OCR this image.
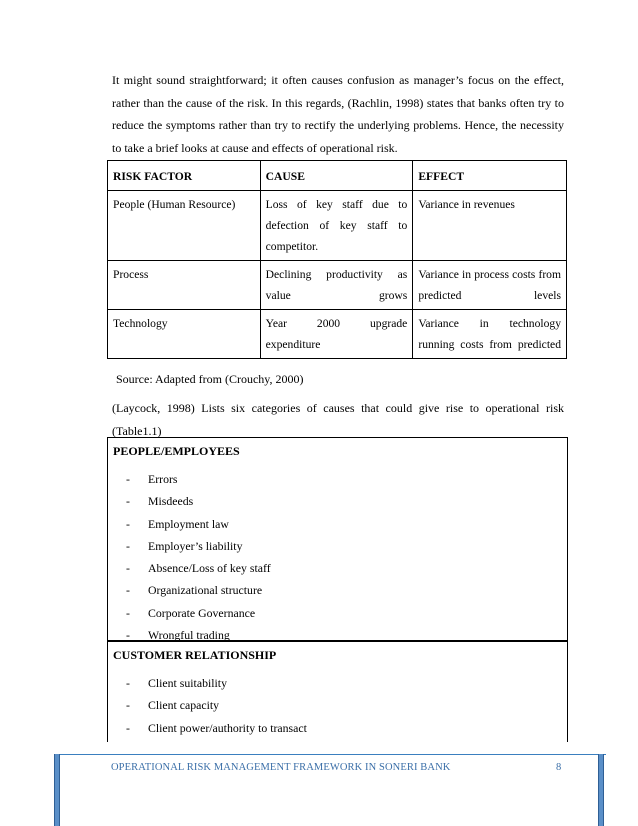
It might sound straightforward; it often causes confusion as manager’s focus on the effect, rather than the cause of the risk. In this regards, (Rachlin, 1998) states that banks often try to reduce the symptoms rather than try to rectify the underlying problems. Hence, the necessity to take a brief looks at cause and effects of operational risk.

RISK FACTOR	CAUSE	EFFECT
People (Human Resource)	Loss of key staff due to defection of key staff to competitor.	Variance in revenues
Process	Declining productivity as value grows	Variance in process costs from predicted levels
Technology	Year 2000 upgrade expenditure	Variance in technology running costs from predicted

Source: Adapted from (Crouchy, 2000)

(Laycock, 1998) Lists six categories of causes that could give rise to operational risk (Table1.1)

PEOPLE/EMPLOYEES
- Errors
- Misdeeds
- Employment law
- Employer’s liability
- Absence/Loss of key staff
- Organizational structure
- Corporate Governance
- Wrongful trading
CUSTOMER RELATIONSHIP
- Client suitability
- Client capacity
- Client power/authority to transact
OPERATIONAL RISK MANAGEMENT FRAMEWORK IN SONERI BANK	8
